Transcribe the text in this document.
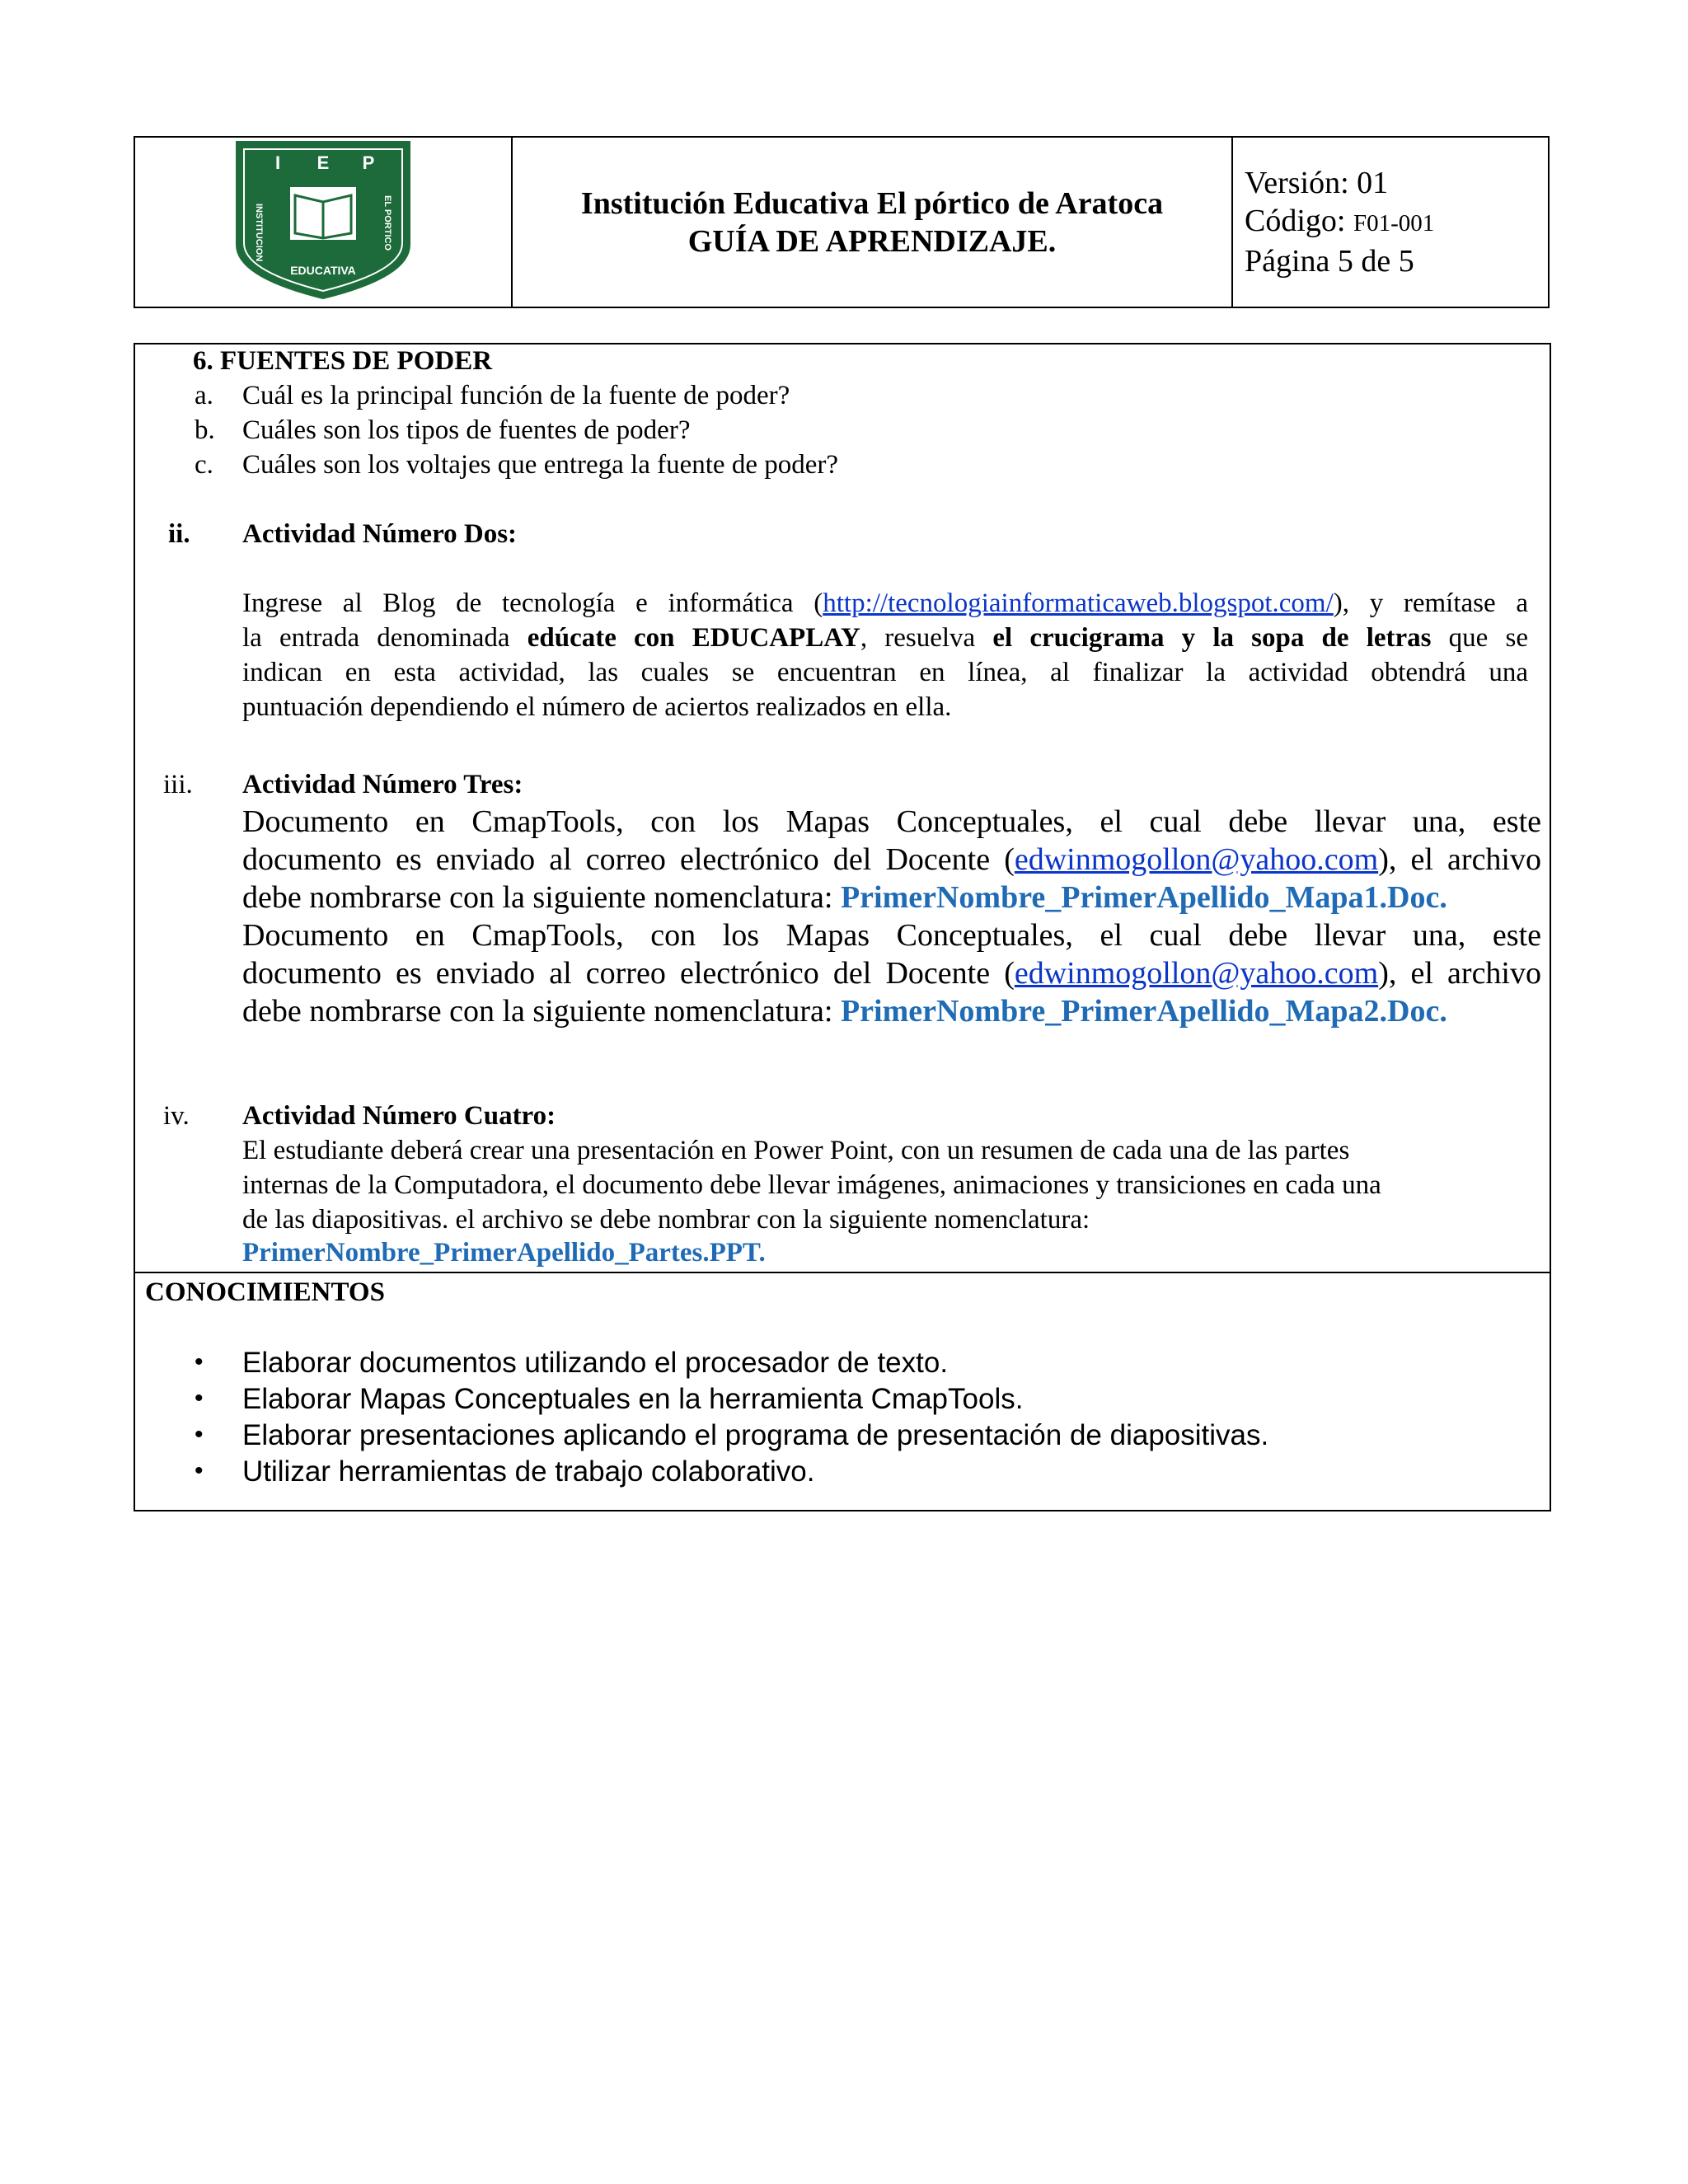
I E P
INSTITUCION	EL PORTICO
EDUCATIVA

Institución Educativa El pórtico de Aratoca
GUÍA DE APRENDIZAJE.

Versión: 01
Código: F01-001
Página 5 de 5
6. FUENTES DE PODER
a. Cuál es la principal función de la fuente de poder?
b. Cuáles son los tipos de fuentes de poder?
c. Cuáles son los voltajes que entrega la fuente de poder?
ii. Actividad Número Dos:
Ingrese al Blog de tecnología e informática (http://tecnologiainformaticaweb.blogspot.com/), y remítase a
la entrada denominada edúcate con EDUCAPLAY, resuelva el crucigrama y la sopa de letras que se
indican en esta actividad, las cuales se encuentran en línea, al finalizar la actividad obtendrá una
puntuación dependiendo el número de aciertos realizados en ella.
iii. Actividad Número Tres:
Documento en CmapTools, con los Mapas Conceptuales, el cual debe llevar una, este
documento es enviado al correo electrónico del Docente (edwinmogollon@yahoo.com), el archivo
debe nombrarse con la siguiente nomenclatura: PrimerNombre_PrimerApellido_Mapa1.Doc.
Documento en CmapTools, con los Mapas Conceptuales, el cual debe llevar una, este
documento es enviado al correo electrónico del Docente (edwinmogollon@yahoo.com), el archivo
debe nombrarse con la siguiente nomenclatura: PrimerNombre_PrimerApellido_Mapa2.Doc.
iv. Actividad Número Cuatro:
El estudiante deberá crear una presentación en Power Point, con un resumen de cada una de las partes
internas de la Computadora, el documento debe llevar imágenes, animaciones y transiciones en cada una
de las diapositivas. el archivo se debe nombrar con la siguiente nomenclatura:
PrimerNombre_PrimerApellido_Partes.PPT.
CONOCIMIENTOS
• Elaborar documentos utilizando el procesador de texto.
• Elaborar Mapas Conceptuales en la herramienta CmapTools.
• Elaborar presentaciones aplicando el programa de presentación de diapositivas.
• Utilizar herramientas de trabajo colaborativo.
